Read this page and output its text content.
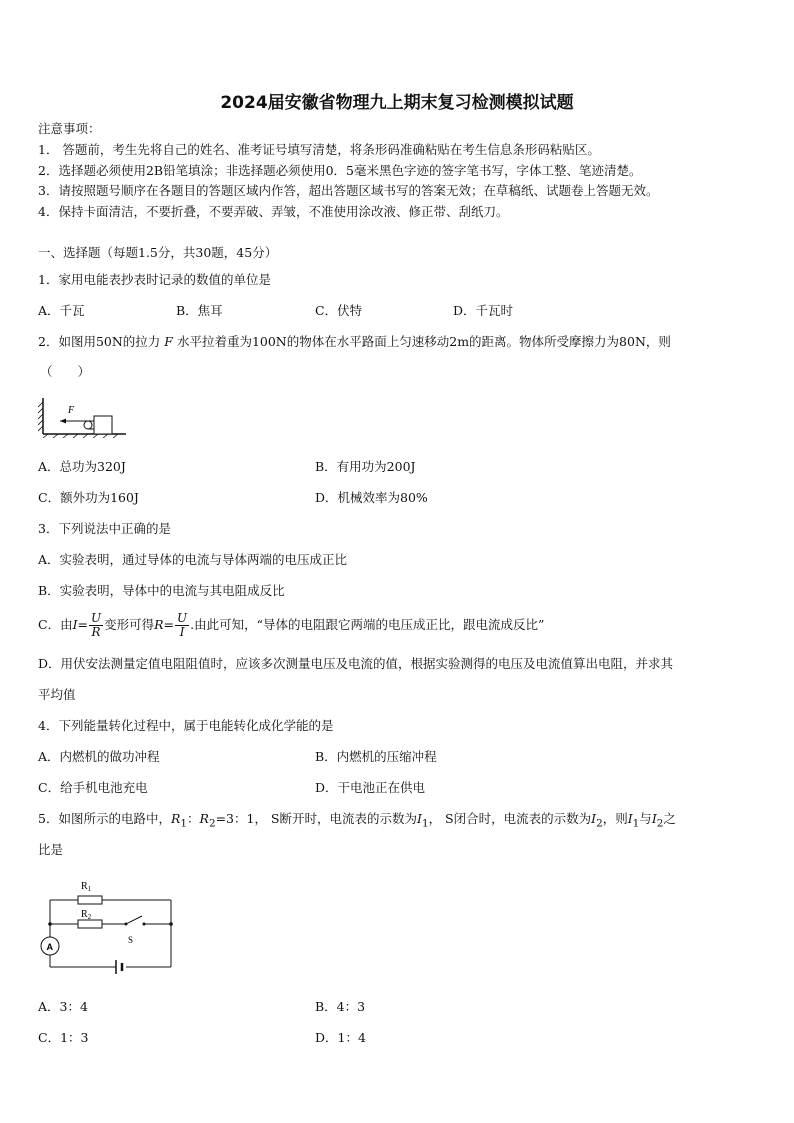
2024届安徽省物理九上期末复习检测模拟试题
注意事项：
1． 答题前，考生先将自己的姓名、准考证号填写清楚，将条形码准确粘贴在考生信息条形码粘贴区。
2．选择题必须使用2B铅笔填涂；非选择题必须使用0．5毫米黑色字迹的签字笔书写，字体工整、笔迹清楚。
3．请按照题号顺序在各题目的答题区域内作答，超出答题区域书写的答案无效；在草稿纸、试题卷上答题无效。
4．保持卡面清洁，不要折叠，不要弄破、弄皱，不准使用涂改液、修正带、刮纸刀。
一、选择题（每题1.5分，共30题，45分）
1．家用电能表抄表时记录的数值的单位是
A．千瓦	B．焦耳	C．伏特	D．千瓦时
2．如图用50N的拉力 F 水平拉着重为100N的物体在水平路面上匀速移动2m的距离。物体所受摩擦力为80N，则
（　　）
F
A．总功为320J	B．有用功为200J
C．额外功为160J	D．机械效率为80%
3．下列说法中正确的是
A．实验表明，通过导体的电流与导体两端的电压成正比
B．实验表明，导体中的电流与其电阻成反比
C．由$I= \frac{U}{R}$ 变形可得$R= \frac{U}{I}$ .由此可知，“导体的电阻跟它两端的电压成正比，跟电流成反比”
D．用伏安法测量定值电阻阻值时，应该多次测量电压及电流的值，根据实验测得的电压及电流值算出电阻，并求其
平均值
4．下列能量转化过程中，属于电能转化成化学能的是
A．内燃机的做功冲程	B．内燃机的压缩冲程
C．给手机电池充电	D．干电池正在供电
5．如图所示的电路中，$R_1$：$R_2=3$：1， S断开时，电流表的示数为$I_1$， S闭合时，电流表的示数为$I_2$，则$I_1$与$I_2$之
比是
$R_1$
$R_2$
S
A
A．3：4	B．4：3
C．1：3	D．1：4
